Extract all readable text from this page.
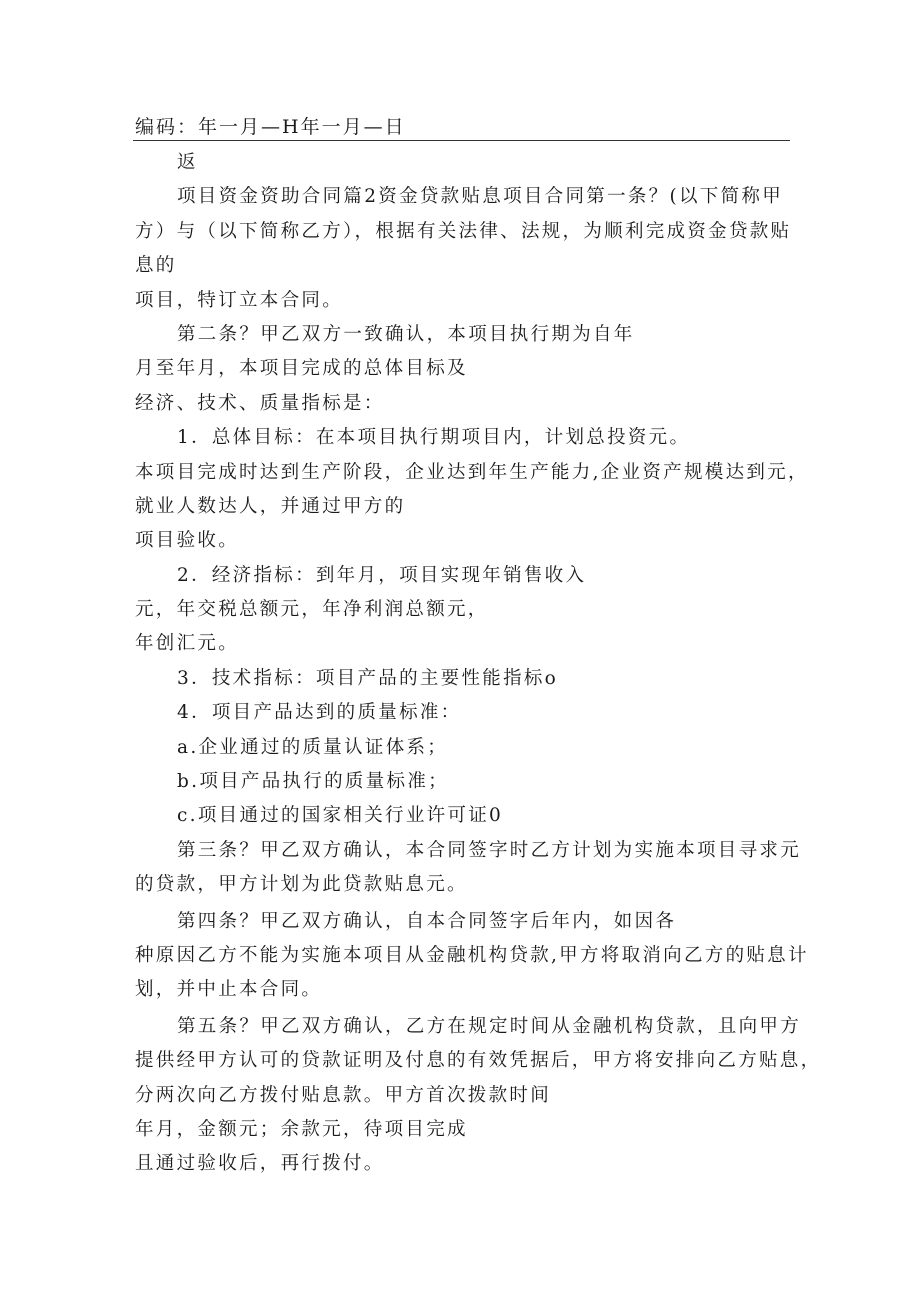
编码：年一月—H年一月—日
返
项目资金资助合同篇2资金贷款贴息项目合同第一条？(以下简称甲
方）与（以下简称乙方），根据有关法律、法规，为顺利完成资金贷款贴
息的
项目，特订立本合同。
第二条？甲乙双方一致确认，本项目执行期为自年
月至年月，本项目完成的总体目标及
经济、技术、质量指标是：
1．总体目标：在本项目执行期项目内，计划总投资元。
本项目完成时达到生产阶段，企业达到年生产能力,企业资产规模达到元，
就业人数达人，并通过甲方的
项目验收。
2．经济指标：到年月，项目实现年销售收入
元，年交税总额元，年净利润总额元，
年创汇元。
3．技术指标：项目产品的主要性能指标o
4．项目产品达到的质量标准：
a.企业通过的质量认证体系；
b.项目产品执行的质量标准；
c.项目通过的国家相关行业许可证0
第三条？甲乙双方确认，本合同签字时乙方计划为实施本项目寻求元
的贷款，甲方计划为此贷款贴息元。
第四条？甲乙双方确认，自本合同签字后年内，如因各
种原因乙方不能为实施本项目从金融机构贷款,甲方将取消向乙方的贴息计
划，并中止本合同。
第五条？甲乙双方确认，乙方在规定时间从金融机构贷款，且向甲方
提供经甲方认可的贷款证明及付息的有效凭据后，甲方将安排向乙方贴息，
分两次向乙方拨付贴息款。甲方首次拨款时间
年月，金额元；余款元，待项目完成
且通过验收后，再行拨付。
